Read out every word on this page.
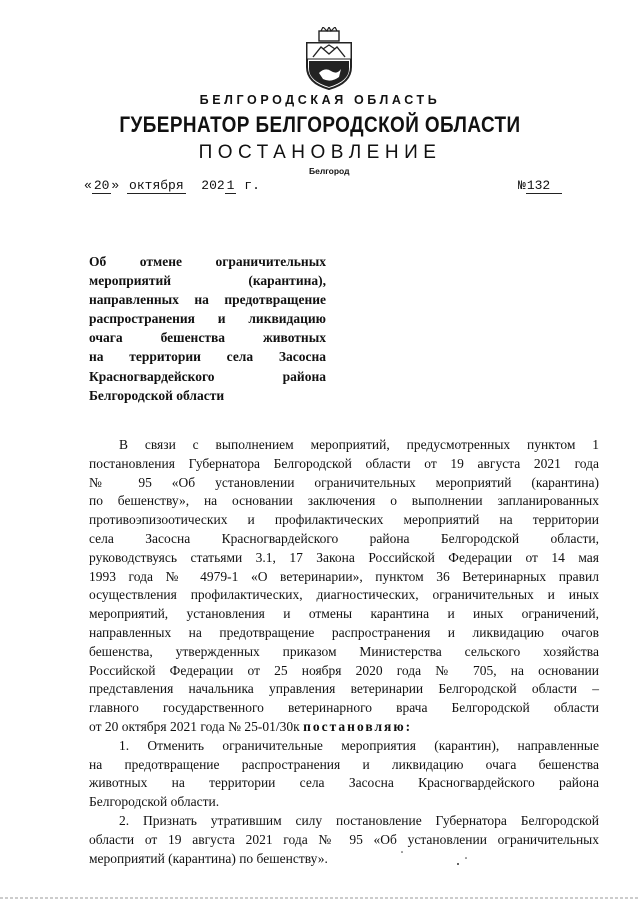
БЕЛГОРОДСКАЯ ОБЛАСТЬ
ГУБЕРНАТОР БЕЛГОРОДСКОЙ ОБЛАСТИ
ПОСТАНОВЛЕНИЕ
Белгород
« 20 » октября 202 1 г.	№132
Об отмене ограничительных
мероприятий (карантина),
направленных на предотвращение
распространения и ликвидацию
очага бешенства животных
на территории села Засосна
Красногвардейского района
Белгородской области
В связи с выполнением мероприятий, предусмотренных пунктом 1
постановления Губернатора Белгородской области от 19 августа 2021 года
№ 95 «Об установлении ограничительных мероприятий (карантина)
по бешенству», на основании заключения о выполнении запланированных
противоэпизоотических и профилактических мероприятий на территории
села Засосна Красногвардейского района Белгородской области,
руководствуясь статьями 3.1, 17 Закона Российской Федерации от 14 мая
1993 года № 4979-1 «О ветеринарии», пунктом 36 Ветеринарных правил
осуществления профилактических, диагностических, ограничительных и иных
мероприятий, установления и отмены карантина и иных ограничений,
направленных на предотвращение распространения и ликвидацию очагов
бешенства, утвержденных приказом Министерства сельского хозяйства
Российской Федерации от 25 ноября 2020 года № 705, на основании
представления начальника управления ветеринарии Белгородской области –
главного государственного ветеринарного врача Белгородской области
от 20 октября 2021 года № 25-01/30к постановляю:
1. Отменить ограничительные мероприятия (карантин), направленные
на предотвращение распространения и ликвидацию очага бешенства
животных на территории села Засосна Красногвардейского района
Белгородской области.
2. Признать утратившим силу постановление Губернатора Белгородской
области от 19 августа 2021 года № 95 «Об установлении ограничительных
мероприятий (карантина) по бешенству».
